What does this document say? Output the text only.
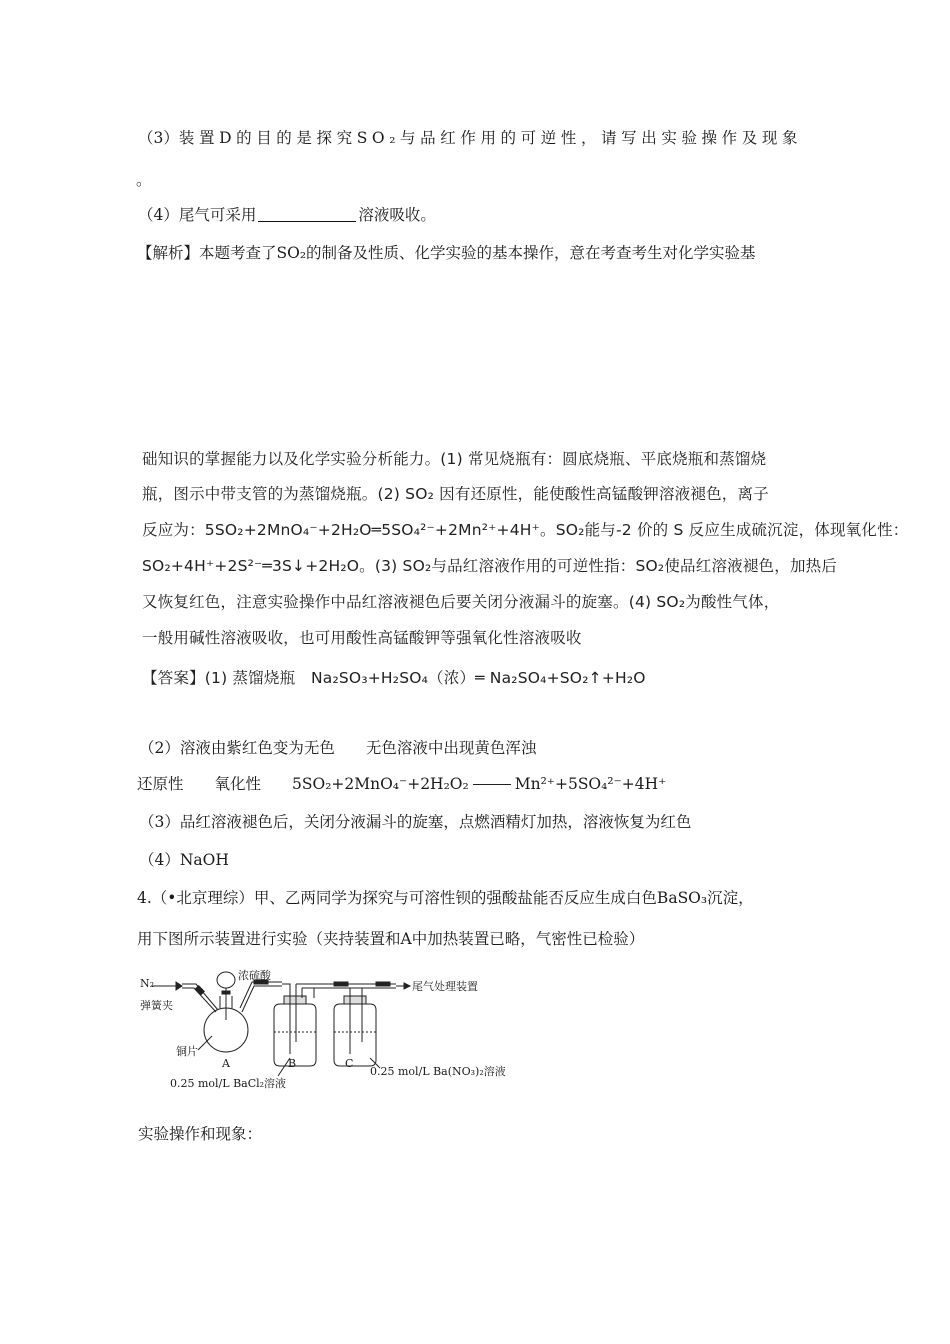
（3）装置D的目的是探究SO₂与品红作用的可逆性，请写出实验操作及现象
。
（4）尾气可采用	溶液吸收。
【解析】本题考查了SO₂的制备及性质、化学实验的基本操作，意在考查考生对化学实验基
础知识的掌握能力以及化学实验分析能力。(1) 常见烧瓶有：圆底烧瓶、平底烧瓶和蒸馏烧
瓶，图示中带支管的为蒸馏烧瓶。(2) SO₂ 因有还原性，能使酸性高锰酸钾溶液褪色，离子
反应为：5SO₂+2MnO₄⁻+2H₂O═5SO₄²⁻+2Mn²⁺+4H⁺。SO₂能与-2 价的 S 反应生成硫沉淀，体现氧化性：
SO₂+4H⁺+2S²⁻═3S↓+2H₂O。(3) SO₂与品红溶液作用的可逆性指：SO₂使品红溶液褪色，加热后
又恢复红色，注意实验操作中品红溶液褪色后要关闭分液漏斗的旋塞。(4) SO₂为酸性气体，
一般用碱性溶液吸收，也可用酸性高锰酸钾等强氧化性溶液吸收
【答案】(1) 蒸馏烧瓶　Na₂SO₃+H₂SO₄（浓）═ Na₂SO₄+SO₂↑+H₂O
（2）溶液由紫红色变为无色　　无色溶液中出现黄色浑浊
还原性　　氧化性　　5SO₂+2MnO₄⁻+2H₂O₂	Mn²⁺+5SO₄²⁻+4H⁺
（3）品红溶液褪色后，关闭分液漏斗的旋塞，点燃酒精灯加热，溶液恢复为红色
（4）NaOH
4.（•北京理综）甲、乙两同学为探究与可溶性钡的强酸盐能否反应生成白色BaSO₃沉淀，
用下图所示装置进行实验（夹持装置和A中加热装置已略，气密性已检验）
N₂
弹簧夹
浓硫酸
尾气处理装置
铜片
A	B	C
0.25 mol/L BaCl₂溶液
0.25 mol/L Ba(NO₃)₂溶液
实验操作和现象：
